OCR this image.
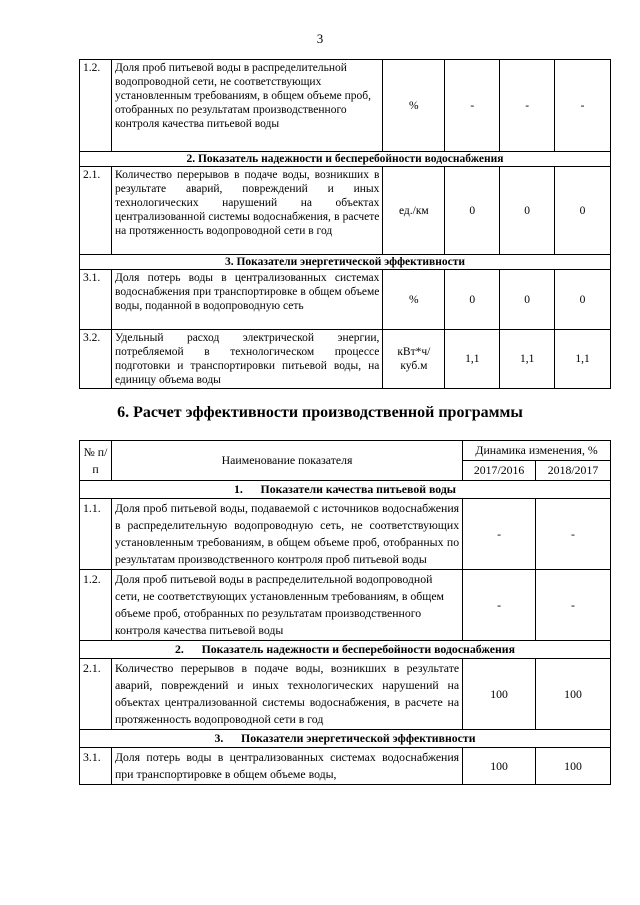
3
1.2.	Доля проб питьевой воды в распределительной водопроводной сети, не соответствующих установленным требованиям, в общем объеме проб, отобранных по результатам производственного контроля качества питьевой воды	%	-	-	-
2. Показатель надежности и бесперебойности водоснабжения					
2.1.	Количество перерывов в подаче воды, возникших в результате аварий, повреждений и иных технологических нарушений на объектах централизованной системы водоснабжения, в расчете на протяженность водопроводной сети в год	ед./км	0	0	0
3. Показатели энергетической эффективности					
3.1.	Доля потерь воды в централизованных системах водоснабжения при транспортировке в общем объеме воды, поданной в водопроводную сеть	%	0	0	0
3.2.	Удельный расход электрической энергии, потребляемой в технологическом процессе подготовки и транспортировки питьевой воды, на единицу объема воды	кВт*ч/ куб.м	1,1	1,1	1,1
6. Расчет эффективности производственной программы
№ п/п	Наименование показателя	Динамика изменения, %	
		2017/2016	2018/2017
1.      Показатели качества питьевой воды			
1.1.	Доля проб питьевой воды, подаваемой с источников водоснабжения в распределительную водопроводную сеть, не соответствующих установленным требованиям, в общем объеме проб, отобранных по результатам производственного контроля проб питьевой воды	-	-
1.2.	Доля проб питьевой воды в распределительной водопроводной сети, не соответствующих установленным требованиям, в общем объеме проб, отобранных по результатам производственного контроля качества питьевой воды	-	-
2.      Показатель надежности и бесперебойности водоснабжения			
2.1.	Количество перерывов в подаче воды, возникших в результате аварий, повреждений и иных технологических нарушений на объектах централизованной системы водоснабжения, в расчете на протяженность водопроводной сети в год	100	100
3.      Показатели энергетической эффективности			
3.1.	Доля потерь воды в централизованных системах водоснабжения при транспортировке в общем объеме воды,	100	100
